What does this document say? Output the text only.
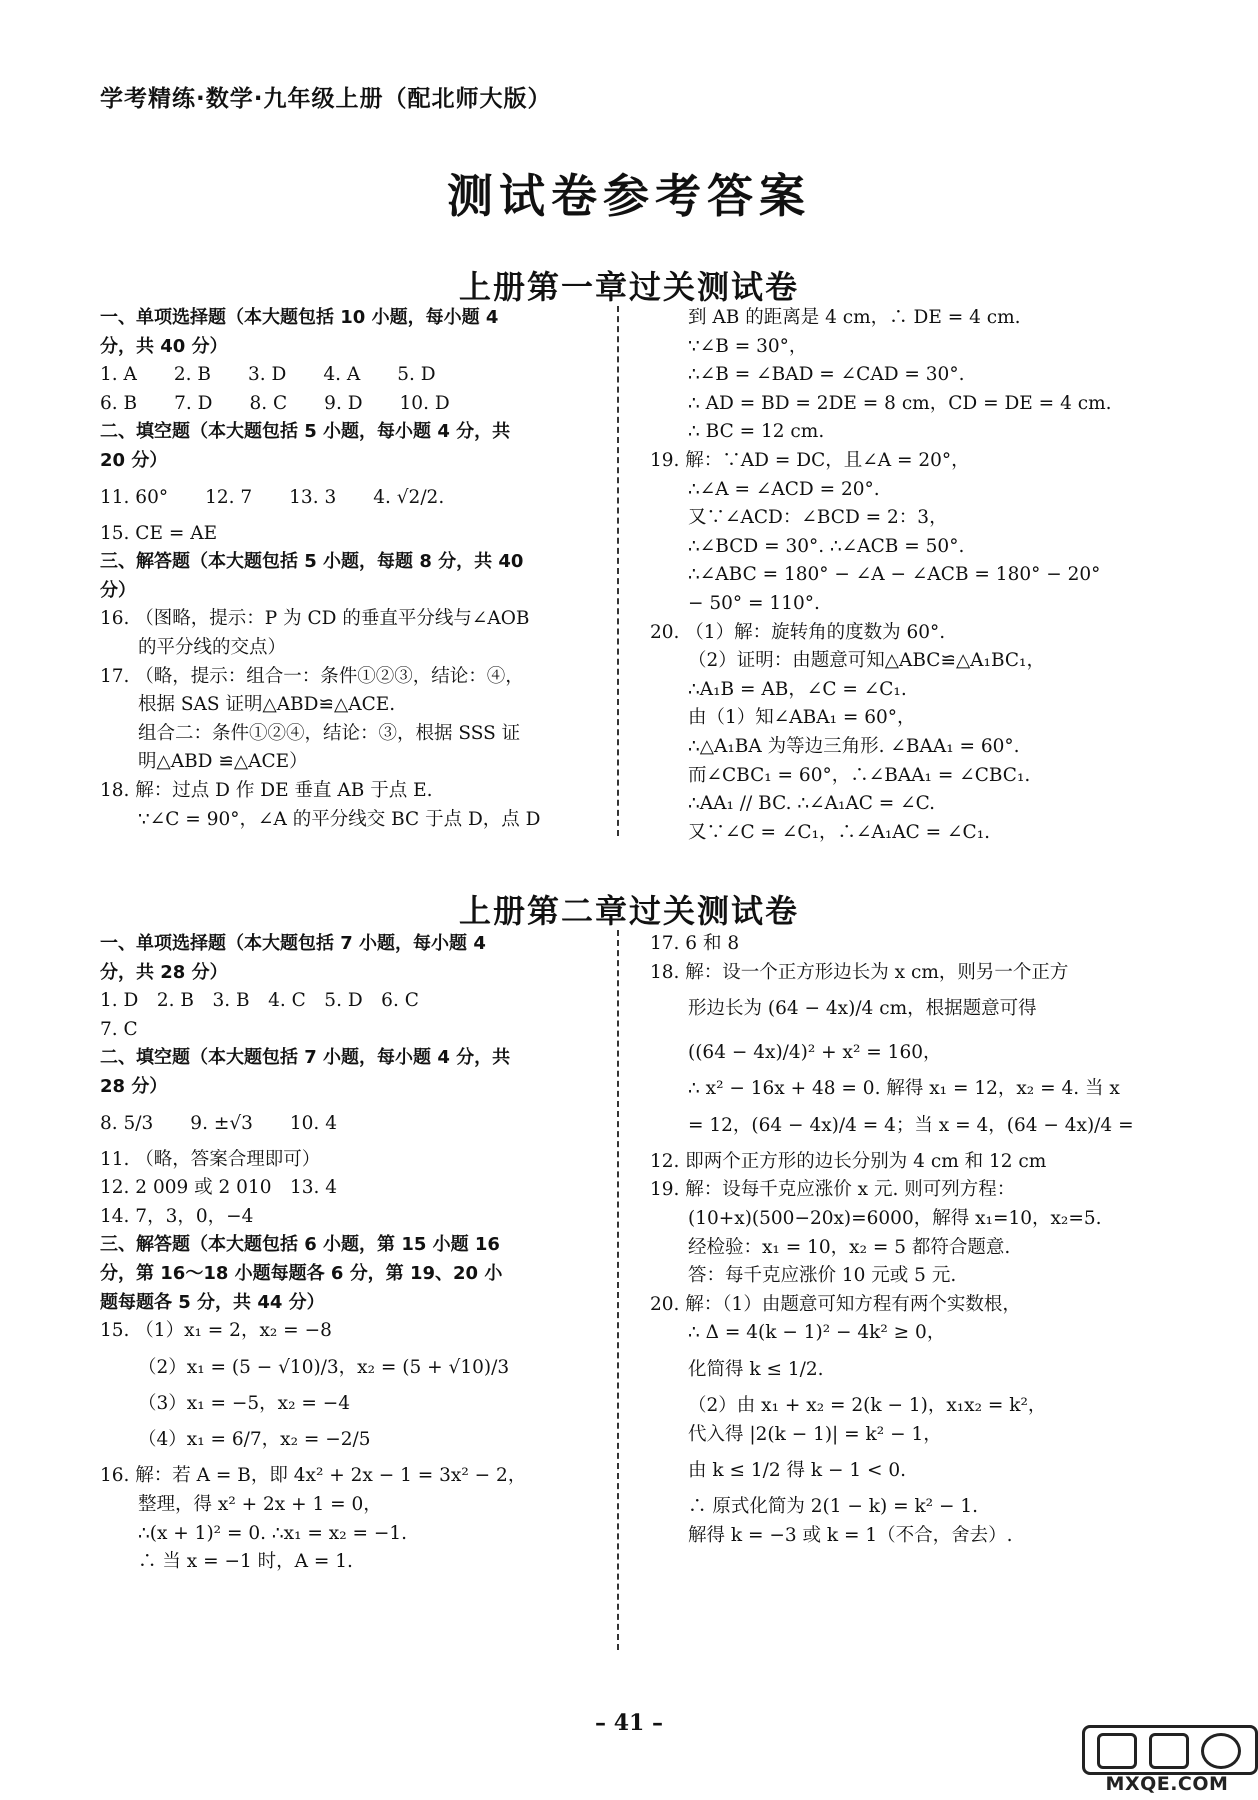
学考精练·数学·九年级上册（配北师大版）
测试卷参考答案
上册第一章过关测试卷
一、单项选择题（本大题包括 10 小题，每小题 4
分，共 40 分）
1. A　　2. B　　3. D　　4. A　　5. D
6. B　　7. D　　8. C　　9. D　　10. D
二、填空题（本大题包括 5 小题，每小题 4 分，共
20 分）
11. 60°　　12. 7　　13. 3　　4. √2/2.
15. CE = AE
三、解答题（本大题包括 5 小题，每题 8 分，共 40
分）
16. （图略，提示：P 为 CD 的垂直平分线与∠AOB
的平分线的交点）
17. （略，提示：组合一：条件①②③，结论：④，
根据 SAS 证明△ABD≌△ACE.
组合二：条件①②④，结论：③，根据 SSS 证
明△ABD ≌△ACE）
18. 解：过点 D 作 DE 垂直 AB 于点 E.
∵∠C = 90°，∠A 的平分线交 BC 于点 D，点 D
到 AB 的距离是 4 cm，∴ DE = 4 cm.
∵∠B = 30°，
∴∠B = ∠BAD = ∠CAD = 30°.
∴ AD = BD = 2DE = 8 cm，CD = DE = 4 cm.
∴ BC = 12 cm.
19. 解：∵AD = DC，且∠A = 20°，
∴∠A = ∠ACD = 20°.
又∵∠ACD：∠BCD = 2：3，
∴∠BCD = 30°. ∴∠ACB = 50°.
∴∠ABC = 180° − ∠A − ∠ACB = 180° − 20°
− 50° = 110°.
20. （1）解：旋转角的度数为 60°.
（2）证明：由题意可知△ABC≌△A₁BC₁，
∴A₁B = AB，∠C = ∠C₁.
由（1）知∠ABA₁ = 60°，
∴△A₁BA 为等边三角形. ∠BAA₁ = 60°.
而∠CBC₁ = 60°，∴∠BAA₁ = ∠CBC₁.
∴AA₁ // BC. ∴∠A₁AC = ∠C.
又∵∠C = ∠C₁，∴∠A₁AC = ∠C₁.
上册第二章过关测试卷
一、单项选择题（本大题包括 7 小题，每小题 4
分，共 28 分）
1. D　2. B　3. B　4. C　5. D　6. C
7. C
二、填空题（本大题包括 7 小题，每小题 4 分，共
28 分）
8. 5/3　　9. ±√3　　10. 4
11. （略，答案合理即可）
12. 2 009 或 2 010　13. 4
14. 7，3，0，−4
三、解答题（本大题包括 6 小题，第 15 小题 16
分，第 16～18 小题每题各 6 分，第 19、20 小
题每题各 5 分，共 44 分）
15. （1）x₁ = 2，x₂ = −8
（2）x₁ = (5 − √10)/3，x₂ = (5 + √10)/3
（3）x₁ = −5，x₂ = −4
（4）x₁ = 6/7，x₂ = −2/5
16. 解：若 A = B，即 4x² + 2x − 1 = 3x² − 2，
整理，得 x² + 2x + 1 = 0，
∴(x + 1)² = 0. ∴x₁ = x₂ = −1.
∴ 当 x = −1 时，A = 1.
17. 6 和 8
18. 解：设一个正方形边长为 x cm，则另一个正方
形边长为 (64 − 4x)/4 cm，根据题意可得
((64 − 4x)/4)² + x² = 160，
∴ x² − 16x + 48 = 0. 解得 x₁ = 12，x₂ = 4. 当 x
= 12，(64 − 4x)/4 = 4；当 x = 4，(64 − 4x)/4 =
12. 即两个正方形的边长分别为 4 cm 和 12 cm
19. 解：设每千克应涨价 x 元. 则可列方程：
(10+x)(500−20x)=6000，解得 x₁=10，x₂=5.
经检验：x₁ = 10，x₂ = 5 都符合题意.
答：每千克应涨价 10 元或 5 元.
20. 解：（1）由题意可知方程有两个实数根，
∴ Δ = 4(k − 1)² − 4k² ≥ 0，
化简得 k ≤ 1/2.
（2）由 x₁ + x₂ = 2(k − 1)，x₁x₂ = k²，
代入得 |2(k − 1)| = k² − 1，
由 k ≤ 1/2 得 k − 1 < 0.
∴ 原式化简为 2(1 − k) = k² − 1.
解得 k = −3 或 k = 1（不合，舍去）.
– 41 –
MXQE.COM
